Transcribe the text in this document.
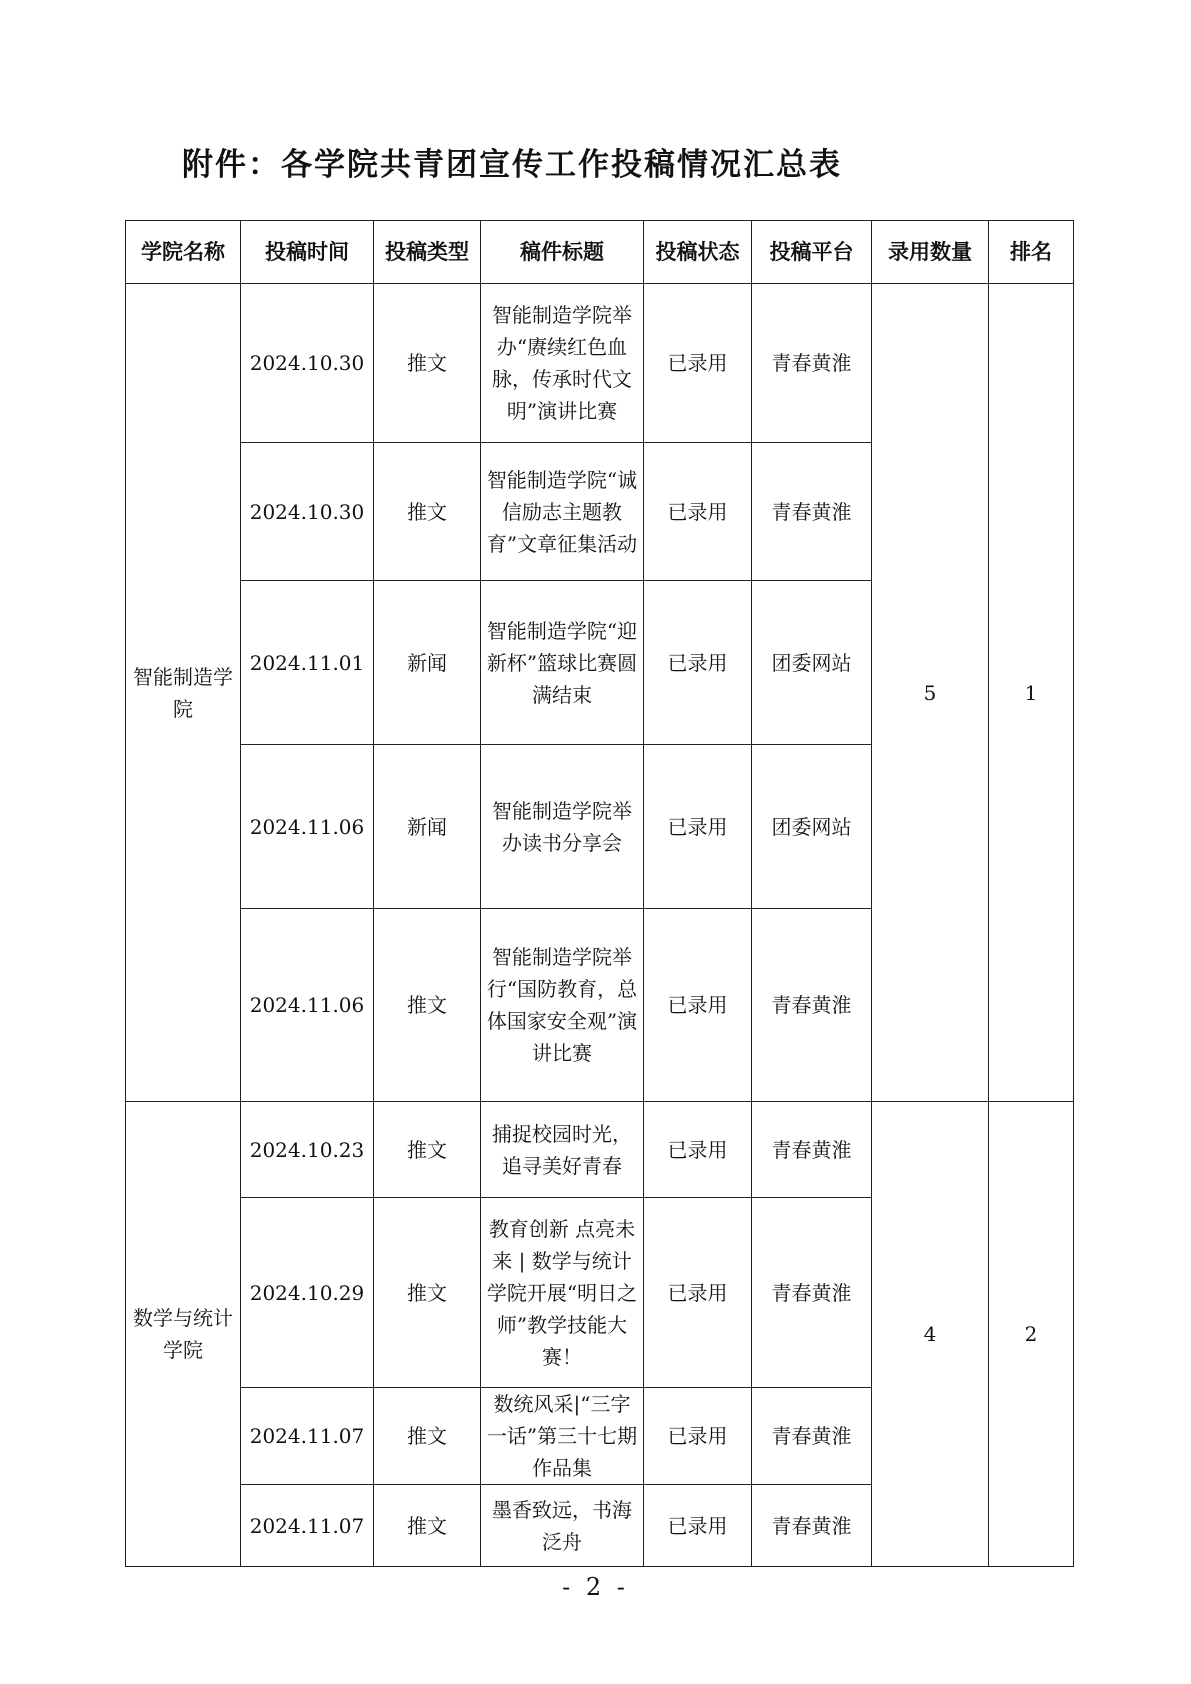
附件：各学院共青团宣传工作投稿情况汇总表
学院名称	投稿时间	投稿类型	稿件标题	投稿状态	投稿平台	录用数量	排名
智能制造学院	2024.10.30	推文	智能制造学院举办“赓续红色血脉，传承时代文明”演讲比赛	已录用	青春黄淮	5	1
	2024.10.30	推文	智能制造学院“诚信励志主题教育”文章征集活动	已录用	青春黄淮		
	2024.11.01	新闻	智能制造学院“迎新杯”篮球比赛圆满结束	已录用	团委网站		
	2024.11.06	新闻	智能制造学院举办读书分享会	已录用	团委网站		
	2024.11.06	推文	智能制造学院举行“国防教育，总体国家安全观”演讲比赛	已录用	青春黄淮		
数学与统计学院	2024.10.23	推文	捕捉校园时光，追寻美好青春	已录用	青春黄淮	4	2
	2024.10.29	推文	教育创新 点亮未来 | 数学与统计学院开展“明日之师”教学技能大赛！	已录用	青春黄淮		
	2024.11.07	推文	数统风采|“三字一话”第三十七期作品集	已录用	青春黄淮		
	2024.11.07	推文	墨香致远，书海泛舟	已录用	青春黄淮		
- 2 -
